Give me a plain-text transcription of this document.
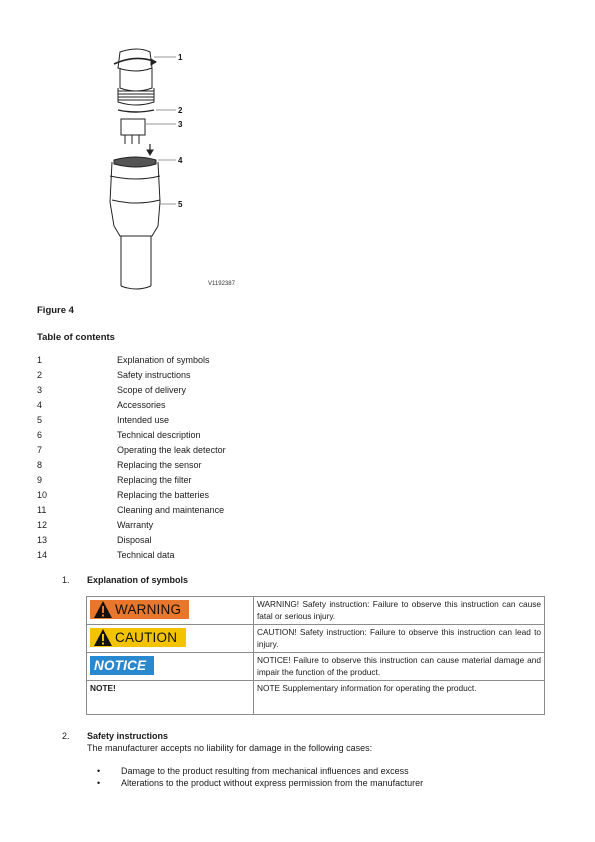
1
2
3
4
5
V1192387
Figure 4
Table of contents
1	Explanation of symbols
2	Safety instructions
3	Scope of delivery
4	Accessories
5	Intended use
6	Technical description
7	Operating the leak detector
8	Replacing the sensor
9	Replacing the filter
10	Replacing the batteries
11	Cleaning and maintenance
12	Warranty
13	Disposal
14	Technical data
1. Explanation of symbols
WARNING	WARNING! Safety instruction: Failure to observe this instruction can cause fatal or serious injury.

CAUTION	CAUTION! Safety instruction: Failure to observe this instruction can lead to injury.

NOTICE	NOTICE! Failure to observe this instruction can cause material damage and impair the function of the product.
NOTE!	NOTE Supplementary information for operating the product.
2. Safety instructions
The manufacturer accepts no liability for damage in the following cases:
•	Damage to the product resulting from mechanical influences and excess
•	Alterations to the product without express permission from the manufacturer
